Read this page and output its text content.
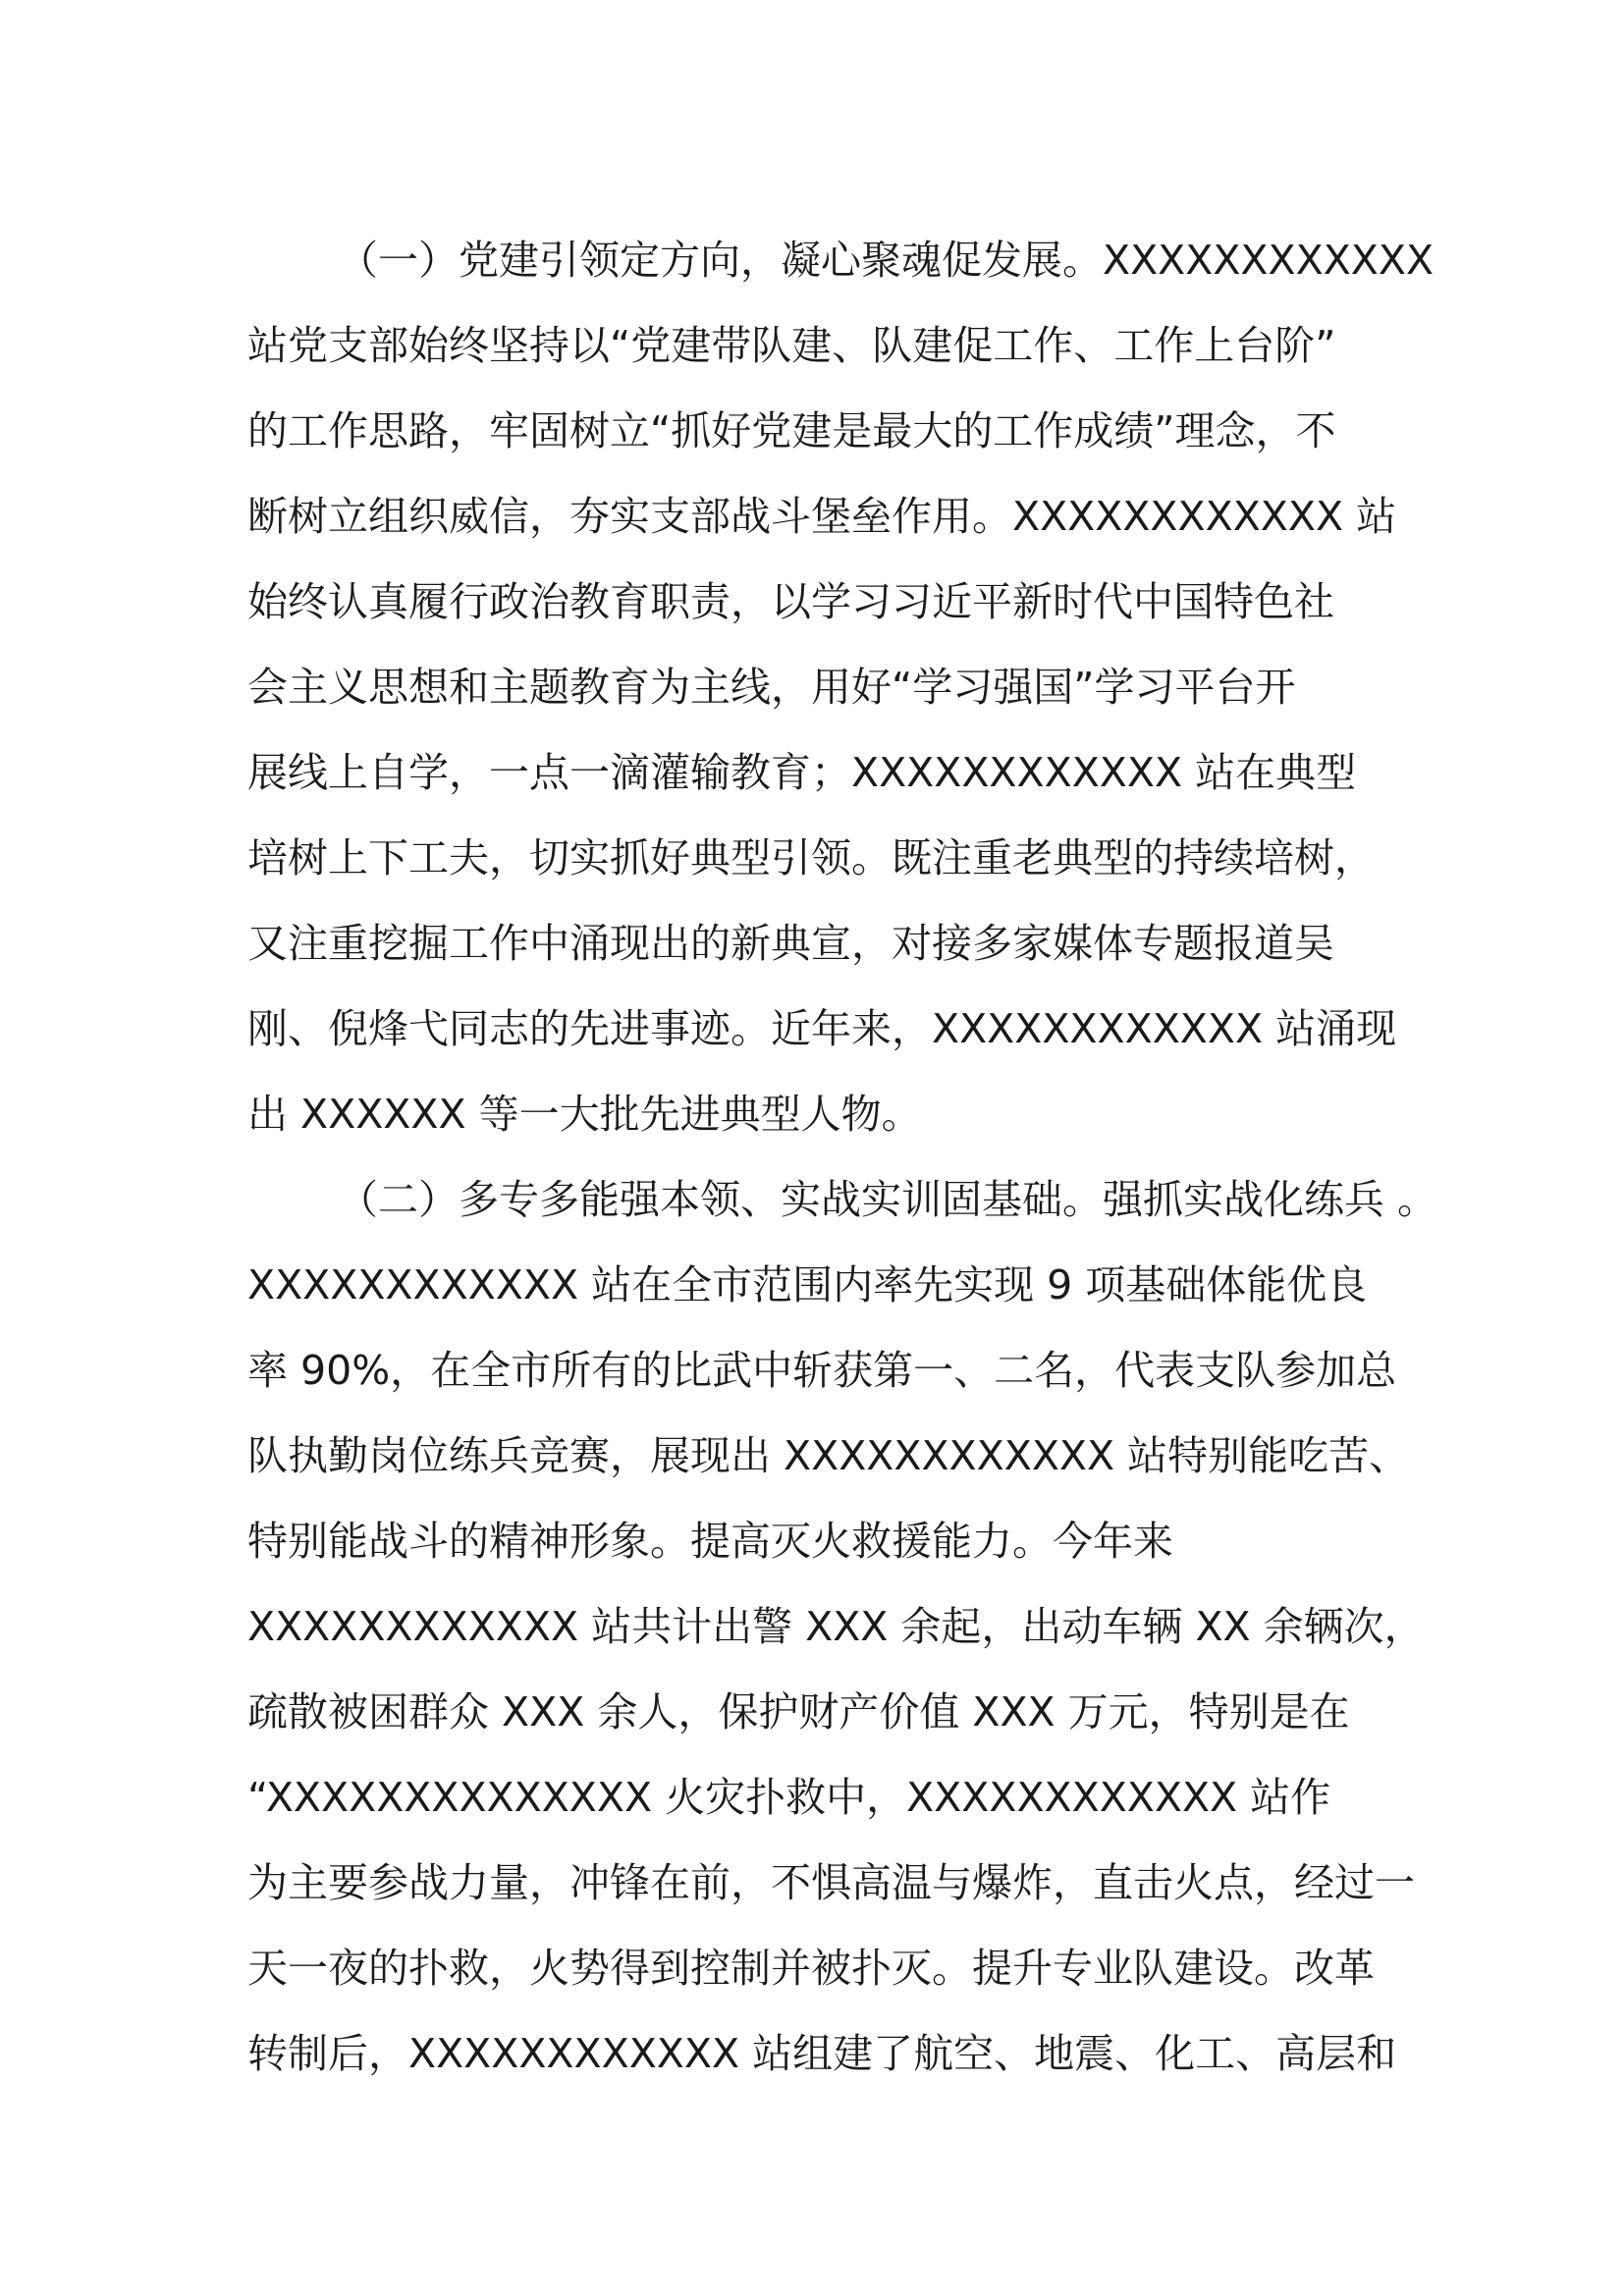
（一）党建引领定方向，凝心聚魂促发展。XXXXXXXXXXXX
站党支部始终坚持以“党建带队建、队建促工作、工作上台阶”
的工作思路，牢固树立“抓好党建是最大的工作成绩”理念，不
断树立组织威信，夯实支部战斗堡垒作用。XXXXXXXXXXXX 站
始终认真履行政治教育职责，以学习习近平新时代中国特色社
会主义思想和主题教育为主线，用好“学习强国”学习平台开
展线上自学，一点一滴灌输教育；XXXXXXXXXXXX 站在典型
培树上下工夫，切实抓好典型引领。既注重老典型的持续培树，
又注重挖掘工作中涌现出的新典宣，对接多家媒体专题报道吴
刚、倪烽弋同志的先进事迹。近年来，XXXXXXXXXXXX 站涌现
出 XXXXXX 等一大批先进典型人物。
（二）多专多能强本领、实战实训固基础。强抓实战化练兵 。
XXXXXXXXXXXX 站在全市范围内率先实现 9 项基础体能优良
率 90%，在全市所有的比武中斩获第一、二名，代表支队参加总
队执勤岗位练兵竞赛，展现出 XXXXXXXXXXXX 站特别能吃苦、
特别能战斗的精神形象。提高灭火救援能力。今年来
XXXXXXXXXXXX 站共计出警 XXX 余起，出动车辆 XX 余辆次，
疏散被困群众 XXX 余人，保护财产价值 XXX 万元，特别是在
“XXXXXXXXXXXXXX 火灾扑救中，XXXXXXXXXXXX 站作
为主要参战力量，冲锋在前，不惧高温与爆炸，直击火点，经过一
天一夜的扑救，火势得到控制并被扑灭。提升专业队建设。改革
转制后，XXXXXXXXXXXX 站组建了航空、地震、化工、高层和
